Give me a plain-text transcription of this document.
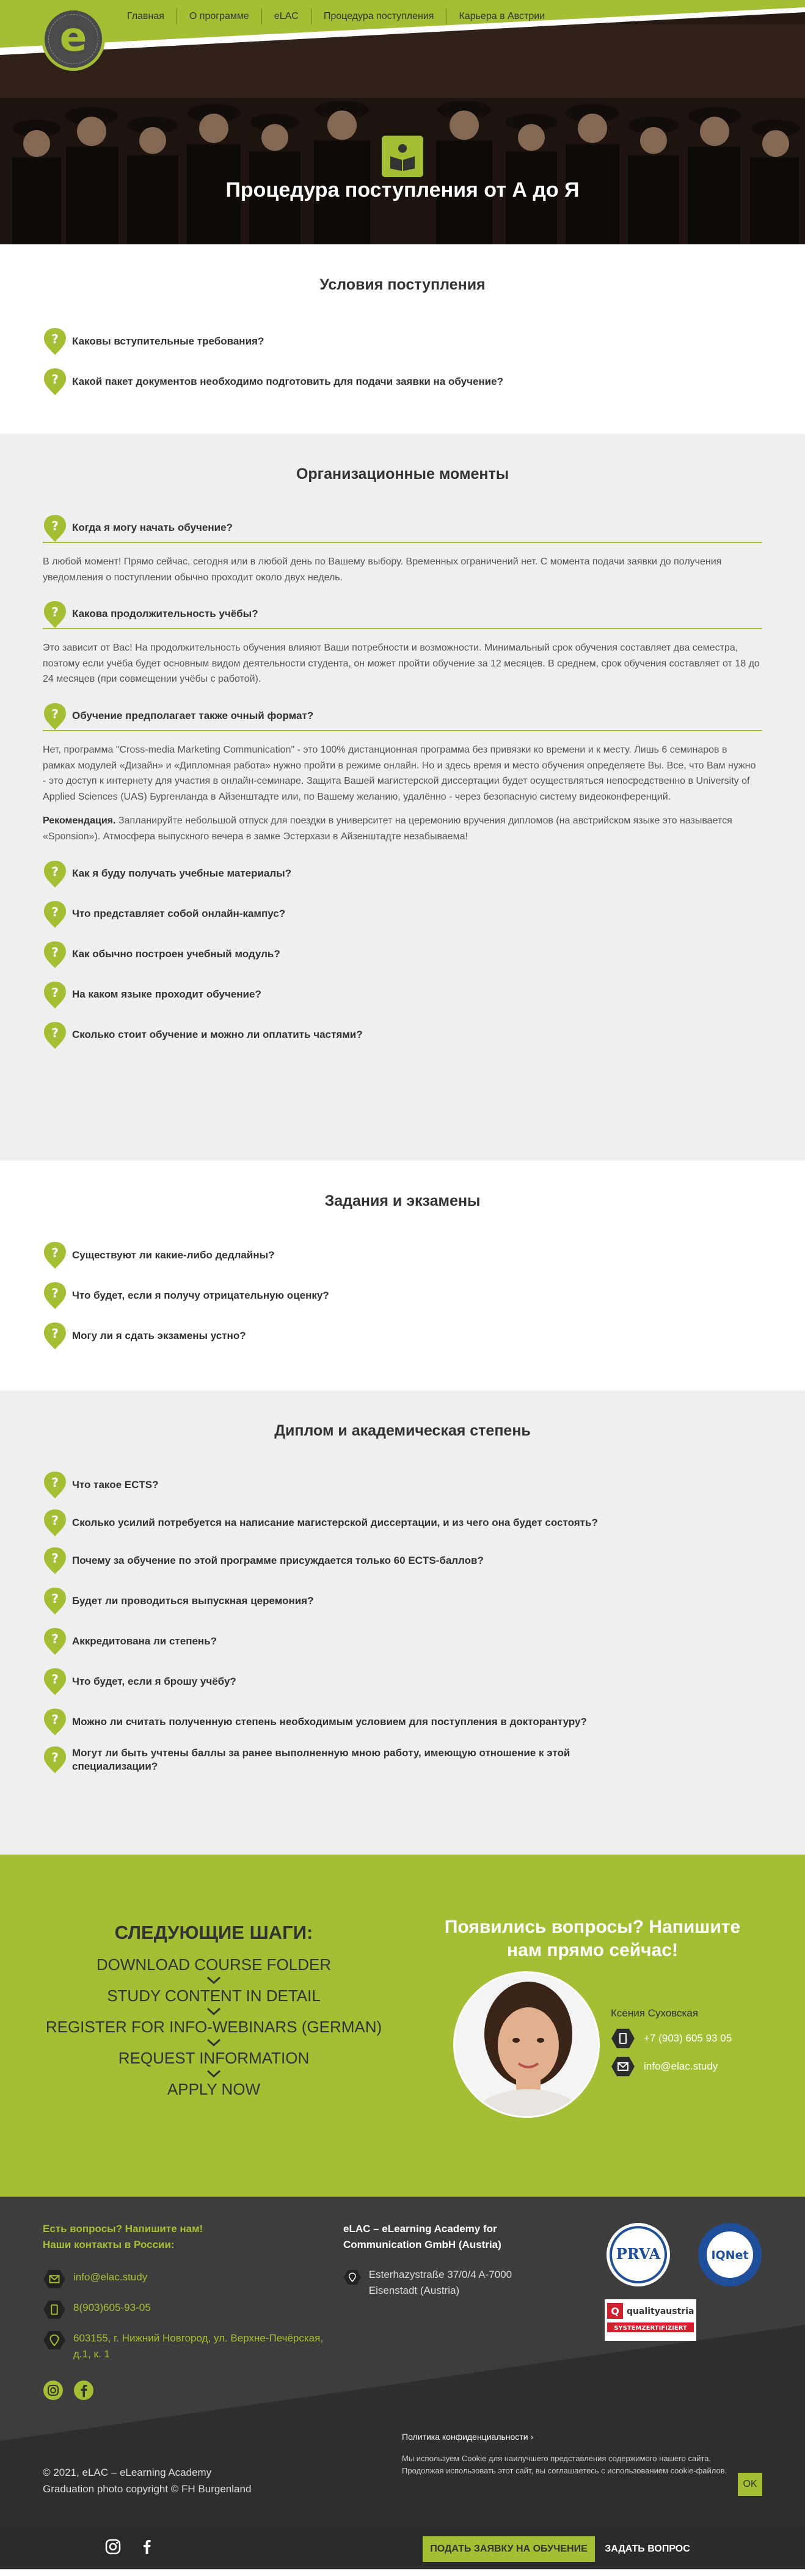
e	Главная	О программе	eLAC	Процедура поступления	Карьера в Австрии
Процедура поступления от А до Я
Условия поступления
Каковы вступительные требования?
Какой пакет документов необходимо подготовить для подачи заявки на обучение?
Организационные моменты
Когда я могу начать обучение?

В любой момент! Прямо сейчас, сегодня или в любой день по Вашему выбору. Временных ограничений нет. С момента подачи заявки до получения уведомления о поступлении обычно проходит около двух недель.

Какова продолжительность учёбы?

Это зависит от Вас! На продолжительность обучения влияют Ваши потребности и возможности. Минимальный срок обучения составляет два семестра, поэтому если учёба будет основным видом деятельности студента, он может пройти обучение за 12 месяцев. В среднем, срок обучения составляет от 18 до 24 месяцев (при совмещении учёбы с работой).

Обучение предполагает также очный формат?

Нет, программа "Cross-media Marketing Communication" - это 100% дистанционная программа без привязки ко времени и к месту. Лишь 6 семинаров в рамках модулей «Дизайн» и «Дипломная работа» нужно пройти в режиме онлайн. Но и здесь время и место обучения определяете Вы. Все, что Вам нужно - это доступ к интернету для участия в онлайн-семинаре. Защита Вашей магистерской диссертации будет осуществляться непосредственно в University of Applied Sciences (UAS) Бургенланда в Айзенштадте или, по Вашему желанию, удалённо - через безопасную систему видеоконференций.

Рекомендация. Запланируйте небольшой отпуск для поездки в университет на церемонию вручения дипломов (на австрийском языке это называется «Sponsion»). Атмосфера выпускного вечера в замке Эстерхази в Айзенштадте незабываема!

Как я буду получать учебные материалы?
Что представляет собой онлайн-кампус?
Как обычно построен учебный модуль?
На каком языке проходит обучение?
Сколько стоит обучение и можно ли оплатить частями?
Задания и экзамены
Существуют ли какие-либо дедлайны?
Что будет, если я получу отрицательную оценку?
Могу ли я сдать экзамены устно?
Диплом и академическая степень
Что такое ECTS?
Сколько усилий потребуется на написание магистерской диссертации, и из чего она будет состоять?
Почему за обучение по этой программе присуждается только 60 ECTS-баллов?
Будет ли проводиться выпускная церемония?
Аккредитована ли степень?
Что будет, если я брошу учёбу?
Можно ли считать полученную степень необходимым условием для поступления в докторантуру?
Могут ли быть учтены баллы за ранее выполненную мною работу, имеющую отношение к этой специализации?
СЛЕДУЮЩИЕ ШАГИ:
DOWNLOAD COURSE FOLDER
STUDY CONTENT IN DETAIL
REGISTER FOR INFO-WEBINARS (GERMAN)
REQUEST INFORMATION
APPLY NOW
Появились вопросы? Напишите нам прямо сейчас!
Ксения Суховская
+7 (903) 605 93 05
info@elac.study
Есть вопросы? Напишите нам!
Наши контакты в России:
info@elac.study
8(903)605-93-05
603155, г. Нижний Новгород, ул. Верхне-Печёрская, д.1, к. 1
eLAC – eLearning Academy for Communication GmbH (Austria)
Esterhazystraße 37/0/4 A-7000 Eisenstadt (Austria)
PRVA	IQNet
Q qualityaustria
SYSTEMZERTIFIZIERT
© 2021, eLAC – eLearning Academy
Graduation photo copyright © FH Burgenland
Политика конфиденциальности ›
Мы используем Cookie для наилучшего представления содержимого нашего сайта. Продолжая использовать этот сайт, вы соглашаетесь с использованием cookie-файлов.
OK
ПОДАТЬ ЗАЯВКУ НА ОБУЧЕНИЕ	ЗАДАТЬ ВОПРОС
